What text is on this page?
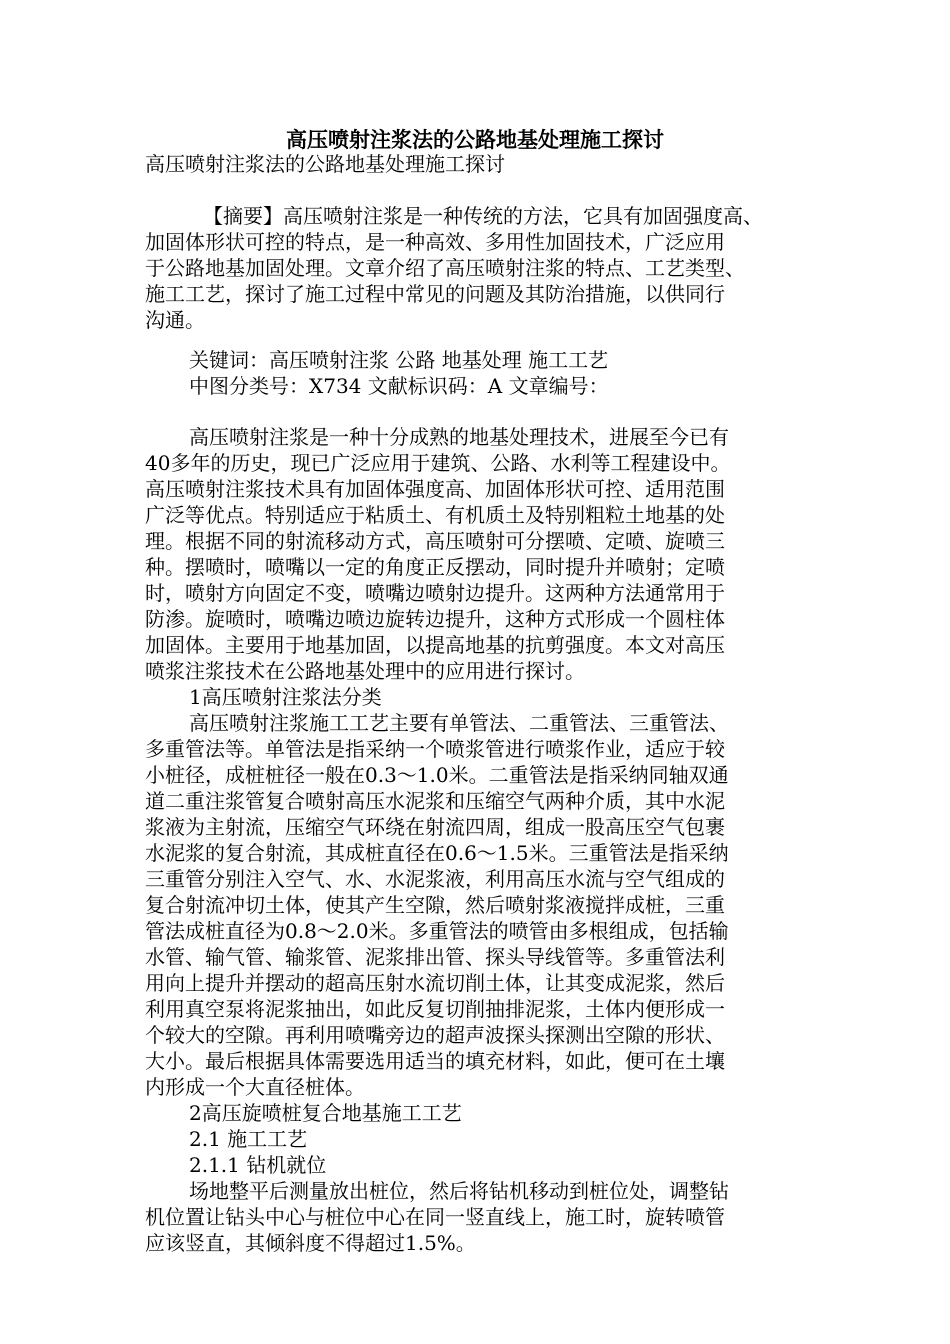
高压喷射注浆法的公路地基处理施工探讨
高压喷射注浆法的公路地基处理施工探讨
【摘要】高压喷射注浆是一种传统的方法，它具有加固强度高、
加固体形状可控的特点，是一种高效、多用性加固技术，广泛应用
于公路地基加固处理。文章介绍了高压喷射注浆的特点、工艺类型、
施工工艺，探讨了施工过程中常见的问题及其防治措施，以供同行
沟通。
关键词：高压喷射注浆 公路 地基处理 施工工艺
中图分类号：X734 文献标识码：A 文章编号：
高压喷射注浆是一种十分成熟的地基处理技术，进展至今已有
40多年的历史，现已广泛应用于建筑、公路、水利等工程建设中。
高压喷射注浆技术具有加固体强度高、加固体形状可控、适用范围
广泛等优点。特别适应于粘质土、有机质土及特别粗粒土地基的处
理。根据不同的射流移动方式，高压喷射可分摆喷、定喷、旋喷三
种。摆喷时，喷嘴以一定的角度正反摆动，同时提升并喷射；定喷
时，喷射方向固定不变，喷嘴边喷射边提升。这两种方法通常用于
防渗。旋喷时，喷嘴边喷边旋转边提升，这种方式形成一个圆柱体
加固体。主要用于地基加固，以提高地基的抗剪强度。本文对高压
喷浆注浆技术在公路地基处理中的应用进行探讨。
1高压喷射注浆法分类
高压喷射注浆施工工艺主要有单管法、二重管法、三重管法、
多重管法等。单管法是指采纳一个喷浆管进行喷浆作业，适应于较
小桩径，成桩桩径一般在0.3～1.0米。二重管法是指采纳同轴双通
道二重注浆管复合喷射高压水泥浆和压缩空气两种介质，其中水泥
浆液为主射流，压缩空气环绕在射流四周，组成一股高压空气包裹
水泥浆的复合射流，其成桩直径在0.6～1.5米。三重管法是指采纳
三重管分别注入空气、水、水泥浆液，利用高压水流与空气组成的
复合射流冲切土体，使其产生空隙，然后喷射浆液搅拌成桩，三重
管法成桩直径为0.8～2.0米。多重管法的喷管由多根组成，包括输
水管、输气管、输浆管、泥浆排出管、探头导线管等。多重管法利
用向上提升并摆动的超高压射水流切削土体，让其变成泥浆，然后
利用真空泵将泥浆抽出，如此反复切削抽排泥浆，土体内便形成一
个较大的空隙。再利用喷嘴旁边的超声波探头探测出空隙的形状、
大小。最后根据具体需要选用适当的填充材料，如此，便可在土壤
内形成一个大直径桩体。
2高压旋喷桩复合地基施工工艺
2.1 施工工艺
2.1.1 钻机就位
场地整平后测量放出桩位，然后将钻机移动到桩位处，调整钻
机位置让钻头中心与桩位中心在同一竖直线上，施工时，旋转喷管
应该竖直，其倾斜度不得超过1.5%。
